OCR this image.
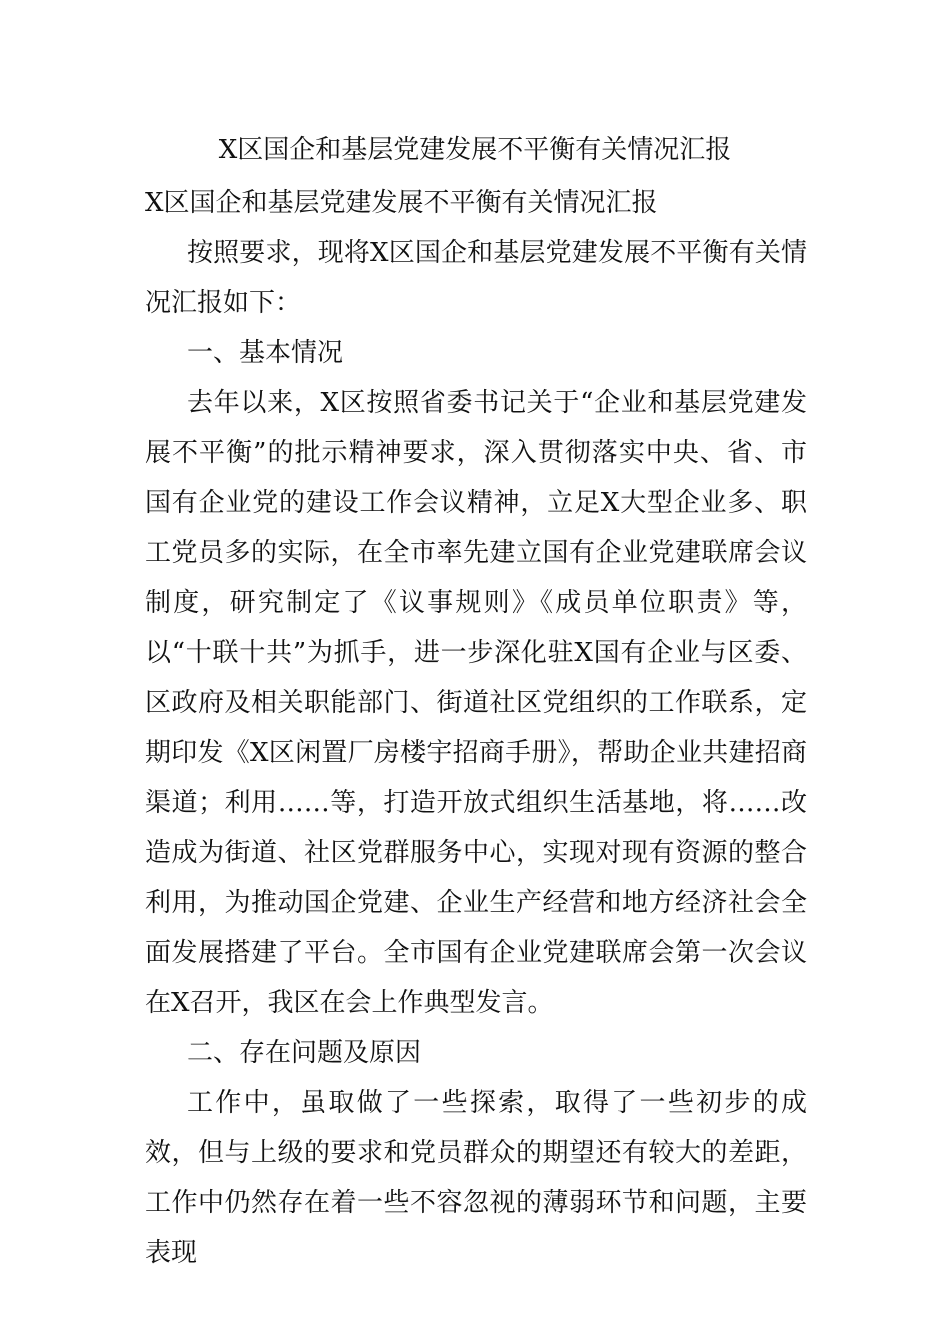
X区国企和基层党建发展不平衡有关情况汇报

X区国企和基层党建发展不平衡有关情况汇报

按照要求，现将X区国企和基层党建发展不平衡有关情况汇报如下：

一、基本情况

去年以来，X区按照省委书记关于“企业和基层党建发展不平衡”的批示精神要求，深入贯彻落实中央、省、市国有企业党的建设工作会议精神，立足X大型企业多、职工党员多的实际，在全市率先建立国有企业党建联席会议制度，研究制定了《议事规则》《成员单位职责》等，以“十联十共”为抓手，进一步深化驻X国有企业与区委、区政府及相关职能部门、街道社区党组织的工作联系，定期印发《X区闲置厂房楼宇招商手册》，帮助企业共建招商渠道；利用……等，打造开放式组织生活基地，将……改造成为街道、社区党群服务中心，实现对现有资源的整合利用，为推动国企党建、企业生产经营和地方经济社会全面发展搭建了平台。全市国有企业党建联席会第一次会议在X召开，我区在会上作典型发言。

二、存在问题及原因

工作中，虽取做了一些探索，取得了一些初步的成效，但与上级的要求和党员群众的期望还有较大的差距，工作中仍然存在着一些不容忽视的薄弱环节和问题，主要表现
